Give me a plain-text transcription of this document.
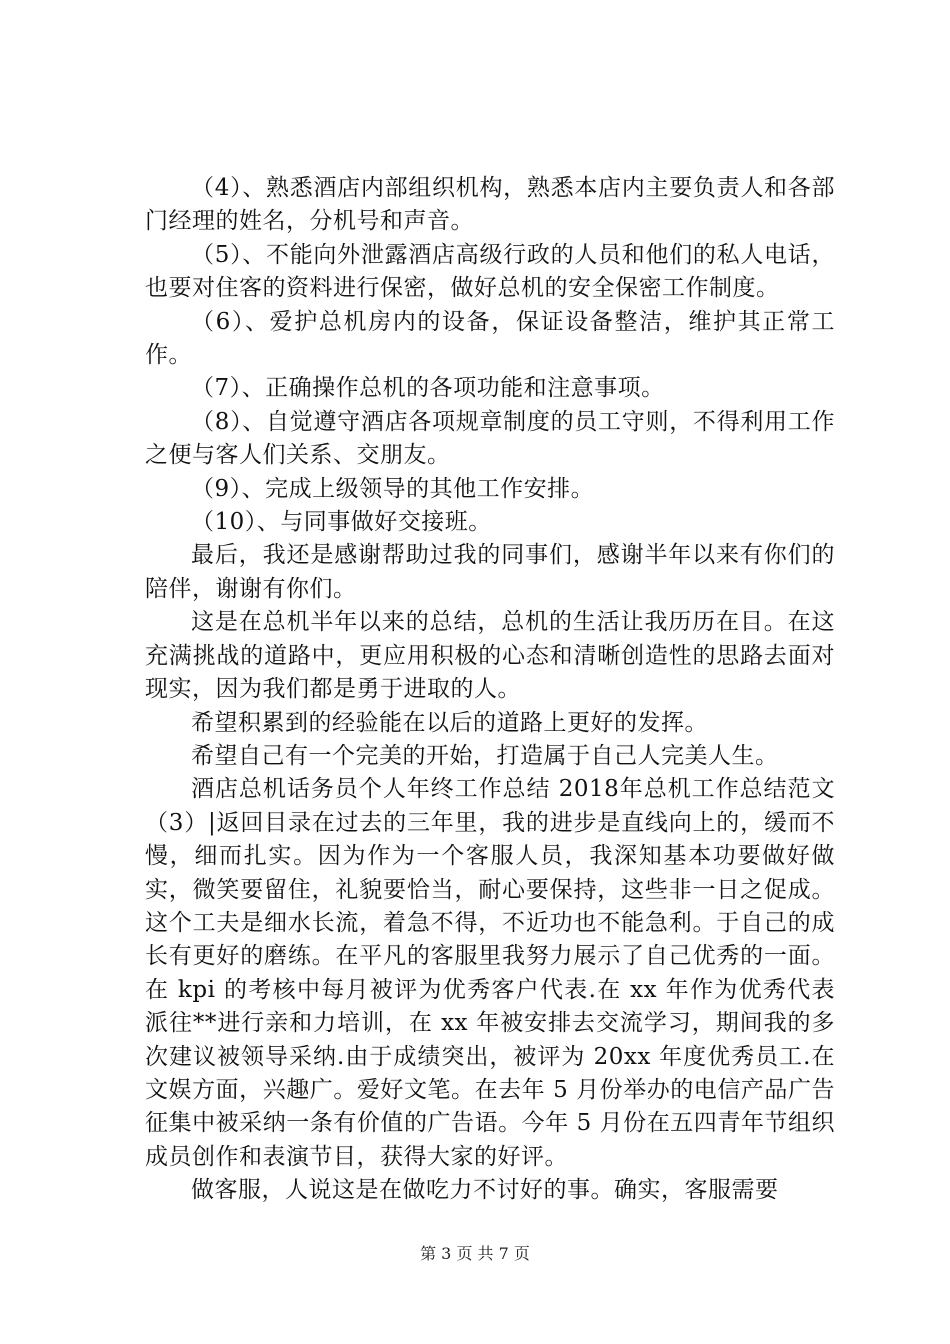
（4）、熟悉酒店内部组织机构，熟悉本店内主要负责人和各部门经理的姓名，分机号和声音。

（5）、不能向外泄露酒店高级行政的人员和他们的私人电话，也要对住客的资料进行保密，做好总机的安全保密工作制度。

（6）、爱护总机房内的设备，保证设备整洁，维护其正常工作。

（7）、正确操作总机的各项功能和注意事项。

（8）、自觉遵守酒店各项规章制度的员工守则，不得利用工作之便与客人们关系、交朋友。

（9）、完成上级领导的其他工作安排。

（10）、与同事做好交接班。

最后，我还是感谢帮助过我的同事们，感谢半年以来有你们的陪伴，谢谢有你们。

这是在总机半年以来的总结，总机的生活让我历历在目。在这充满挑战的道路中，更应用积极的心态和清晰创造性的思路去面对现实，因为我们都是勇于进取的人。

希望积累到的经验能在以后的道路上更好的发挥。

希望自己有一个完美的开始，打造属于自己人完美人生。

酒店总机话务员个人年终工作总结 2018年总机工作总结范文（3）|返回目录在过去的三年里，我的进步是直线向上的，缓而不慢，细而扎实。因为作为一个客服人员，我深知基本功要做好做实，微笑要留住，礼貌要恰当，耐心要保持，这些非一日之促成。这个工夫是细水长流，着急不得，不近功也不能急利。于自己的成长有更好的磨练。在平凡的客服里我努力展示了自己优秀的一面。在 kpi 的考核中每月被评为优秀客户代表.在 xx 年作为优秀代表派往**进行亲和力培训，在 xx 年被安排去交流学习，期间我的多次建议被领导采纳.由于成绩突出，被评为 20xx 年度优秀员工.在文娱方面，兴趣广。爱好文笔。在去年 5 月份举办的电信产品广告征集中被采纳一条有价值的广告语。今年 5 月份在五四青年节组织成员创作和表演节目，获得大家的好评。

做客服，人说这是在做吃力不讨好的事。确实，客服需要

第 3 页 共 7 页
